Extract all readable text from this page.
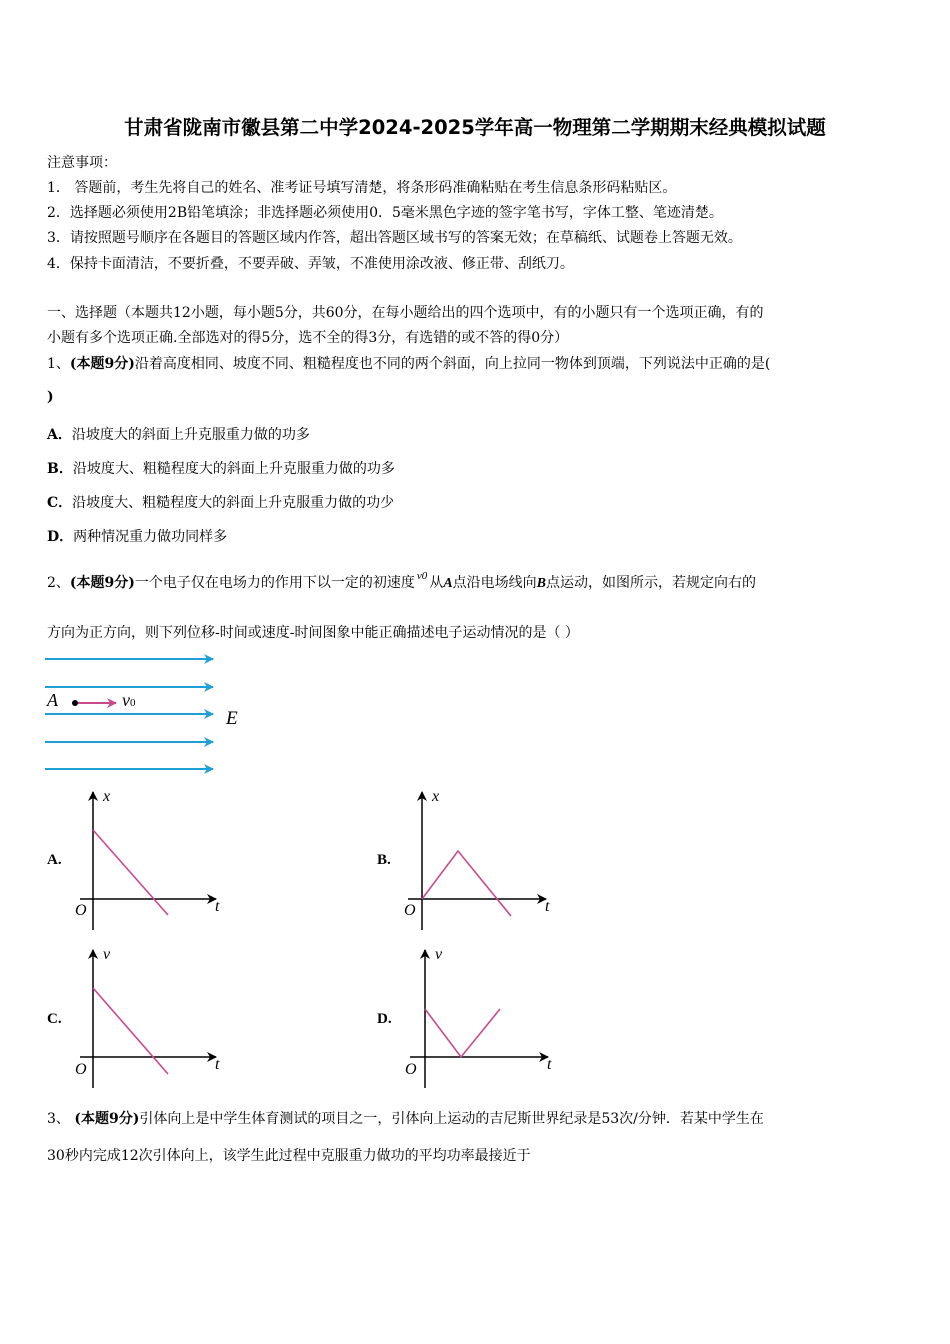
甘肃省陇南市徽县第二中学2024-2025学年高一物理第二学期期末经典模拟试题
注意事项：
1． 答题前，考生先将自己的姓名、准考证号填写清楚，将条形码准确粘贴在考生信息条形码粘贴区。
2．选择题必须使用2B铅笔填涂；非选择题必须使用0．5毫米黑色字迹的签字笔书写，字体工整、笔迹清楚。
3．请按照题号顺序在各题目的答题区域内作答，超出答题区域书写的答案无效；在草稿纸、试题卷上答题无效。
4．保持卡面清洁，不要折叠，不要弄破、弄皱，不准使用涂改液、修正带、刮纸刀。
一、选择题（本题共12小题，每小题5分，共60分，在每小题给出的四个选项中，有的小题只有一个选项正确，有的
小题有多个选项正确.全部选对的得5分，选不全的得3分，有选错的或不答的得0分）
1、(本题9分)沿着高度相同、坡度不同、粗糙程度也不同的两个斜面，向上拉同一物体到顶端，下列说法中正确的是(
)
A．沿坡度大的斜面上升克服重力做的功多
B．沿坡度大、粗糙程度大的斜面上升克服重力做的功多
C．沿坡度大、粗糙程度大的斜面上升克服重力做的功少
D．两种情况重力做功同样多
2、(本题9分)一个电子仅在电场力的作用下以一定的初速度 $^{v0}$ 从A点沿电场线向B点运动，如图所示，若规定向右的
方向为正方向，则下列位移-时间或速度-时间图象中能正确描述电子运动情况的是（ ）
A	v0
E
A.
x
t
O
B.
x
t
O
C.
v
t
O
D.
v
t
O
3、 (本题9分)引体向上是中学生体育测试的项目之一，引体向上运动的吉尼斯世界纪录是53次/分钟．若某中学生在
30秒内完成12次引体向上，该学生此过程中克服重力做功的平均功率最接近于
